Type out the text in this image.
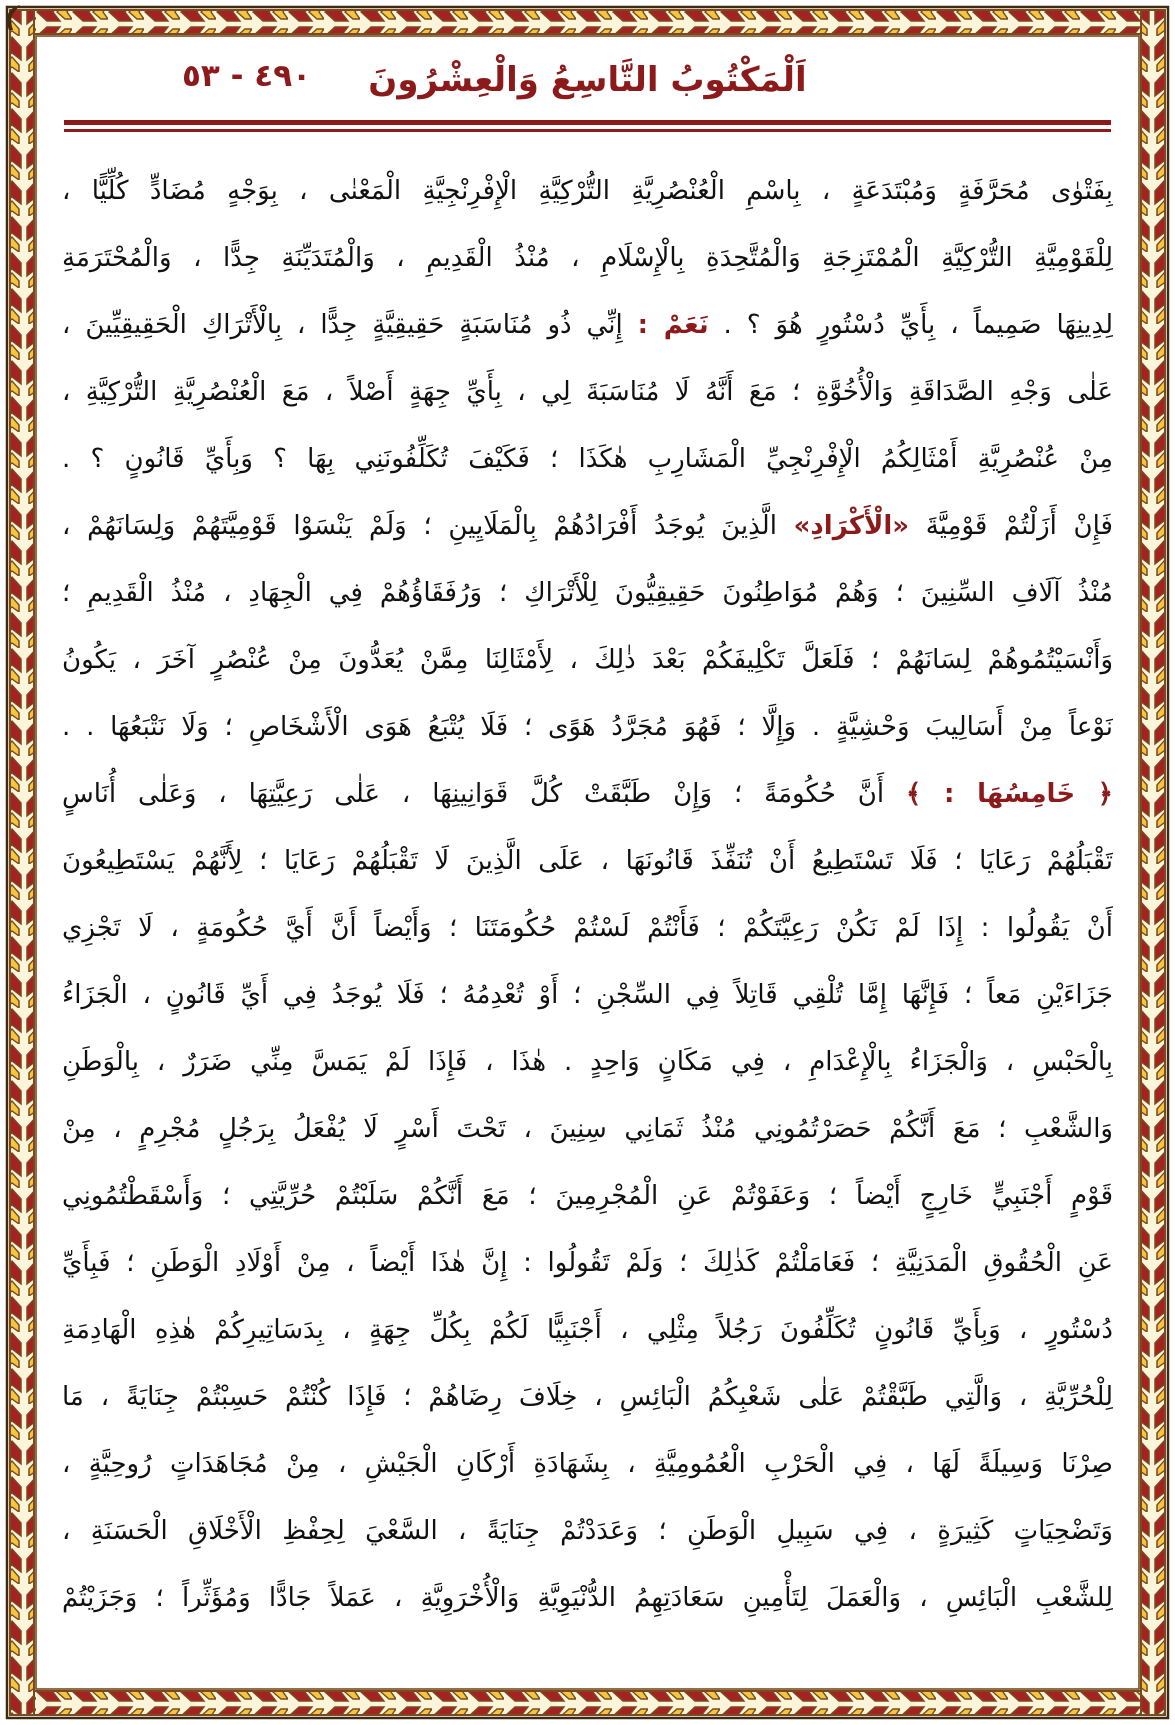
٤٩٠ - ٥٣	اَلْمَكْتُوبُ التَّاسِعُ وَالْعِشْرُونَ
بِفَتْوٰى مُحَرَّفَةٍ وَمُبْتَدَعَةٍ ، بِاسْمِ الْعُنْصُرِيَّةِ التُّرْكِيَّةِ الْإِفْرِنْجِيَّةِ الْمَعْنٰى ، بِوَجْهٍ مُضَادٍّ كُلِّيًّا ،
لِلْقَوْمِيَّةِ التُّرْكِيَّةِ الْمُمْتَزِجَةِ وَالْمُتَّحِدَةِ بِالْإِسْلَامِ ، مُنْذُ الْقَدِيمِ ، وَالْمُتَدَيِّنَةِ جِدًّا ، وَالْمُحْتَرَمَةِ
لِدِينِهَا صَمِيماً ، بِأَيِّ دُسْتُورٍ هُوَ ؟ . نَعَمْ : إِنِّي ذُو مُنَاسَبَةٍ حَقِيقِيَّةٍ جِدًّا ، بِالْأَتْرَاكِ الْحَقِيقِيِّينَ ،
عَلٰى وَجْهِ الصَّدَاقَةِ وَالْأُخُوَّةِ ؛ مَعَ أَنَّهُ لَا مُنَاسَبَةَ لِي ، بِأَيِّ جِهَةٍ أَصْلاً ، مَعَ الْعُنْصُرِيَّةِ التُّرْكِيَّةِ ،
مِنْ عُنْصُرِيَّةِ أَمْثَالِكُمُ الْإِفْرِنْجِيِّ الْمَشَارِبِ هٰكَذَا ؛ فَكَيْفَ تُكَلِّفُونَنِي بِهَا ؟ وَبِأَيِّ قَانُونٍ ؟ .
فَإِنْ أَزَلْتُمْ قَوْمِيَّةَ «الْأَكْرَادِ» الَّذِينَ يُوجَدُ أَفْرَادُهُمْ بِالْمَلَايِينِ ؛ وَلَمْ يَنْسَوْا قَوْمِيَّتَهُمْ وَلِسَانَهُمْ ،
مُنْذُ آلَافِ السِّنِينَ ؛ وَهُمْ مُوَاطِنُونَ حَقِيقِيُّونَ لِلْأَتْرَاكِ ؛ وَرُفَقَاؤُهُمْ فِي الْجِهَادِ ، مُنْذُ الْقَدِيمِ ؛
وَأَنْسَيْتُمُوهُمْ لِسَانَهُمْ ؛ فَلَعَلَّ تَكْلِيفَكُمْ بَعْدَ ذٰلِكَ ، لِأَمْثَالِنَا مِمَّنْ يُعَدُّونَ مِنْ عُنْصُرٍ آخَرَ ، يَكُونُ
نَوْعاً مِنْ أَسَالِيبَ وَحْشِيَّةٍ . وَإِلَّا ؛ فَهُوَ مُجَرَّدُ هَوًى ؛ فَلَا يُتْبَعُ هَوَى الْأَشْخَاصِ ؛ وَلَا نَتْبَعُهَا . .
﴿ خَامِسُهَا : ﴾ أَنَّ حُكُومَةً ؛ وَإِنْ طَبَّقَتْ كُلَّ قَوَانِينِهَا ، عَلٰى رَعِيَّتِهَا ، وَعَلٰى أُنَاسٍ
تَقْبَلُهُمْ رَعَايَا ؛ فَلَا تَسْتَطِيعُ أَنْ تُنَفِّذَ قَانُونَهَا ، عَلَى الَّذِينَ لَا تَقْبَلُهُمْ رَعَايَا ؛ لِأَنَّهُمْ يَسْتَطِيعُونَ
أَنْ يَقُولُوا : إِذَا لَمْ نَكُنْ رَعِيَّتَكُمْ ؛ فَأَنْتُمْ لَسْتُمْ حُكُومَتَنَا ؛ وَأَيْضاً أَنَّ أَيَّ حُكُومَةٍ ، لَا تَجْزِي
جَزَاءَيْنِ مَعاً ؛ فَإِنَّهَا إِمَّا تُلْقِي قَاتِلاً فِي السِّجْنِ ؛ أَوْ تُعْدِمُهُ ؛ فَلَا يُوجَدُ فِي أَيِّ قَانُونٍ ، الْجَزَاءُ
بِالْحَبْسِ ، وَالْجَزَاءُ بِالْإِعْدَامِ ، فِي مَكَانٍ وَاحِدٍ . هٰذَا ، فَإِذَا لَمْ يَمَسَّ مِنِّي ضَرَرٌ ، بِالْوَطَنِ
وَالشَّعْبِ ؛ مَعَ أَنَّكُمْ حَصَرْتُمُونِي مُنْذُ ثَمَانِي سِنِينَ ، تَحْتَ أَسْرٍ لَا يُفْعَلُ بِرَجُلٍ مُجْرِمٍ ، مِنْ
قَوْمٍ أَجْنَبِيٍّ خَارِجٍ أَيْضاً ؛ وَعَفَوْتُمْ عَنِ الْمُجْرِمِينَ ؛ مَعَ أَنَّكُمْ سَلَبْتُمْ حُرِّيَّتِي ؛ وَأَسْقَطْتُمُونِي
عَنِ الْحُقُوقِ الْمَدَنِيَّةِ ؛ فَعَامَلْتُمْ كَذٰلِكَ ؛ وَلَمْ تَقُولُوا : إِنَّ هٰذَا أَيْضاً ، مِنْ أَوْلَادِ الْوَطَنِ ؛ فَبِأَيِّ
دُسْتُورٍ ، وَبِأَيِّ قَانُونٍ تُكَلِّفُونَ رَجُلاً مِثْلِي ، أَجْنَبِيًّا لَكُمْ بِكُلِّ جِهَةٍ ، بِدَسَاتِيرِكُمْ هٰذِهِ الْهَادِمَةِ
لِلْحُرِّيَّةِ ، وَالَّتِي طَبَّقْتُمْ عَلٰى شَعْبِكُمُ الْبَائِسِ ، خِلَافَ رِضَاهُمْ ؛ فَإِذَا كُنْتُمْ حَسِبْتُمْ جِنَايَةً ، مَا
صِرْنَا وَسِيلَةً لَهَا ، فِي الْحَرْبِ الْعُمُومِيَّةِ ، بِشَهَادَةِ أَرْكَانِ الْجَيْشِ ، مِنْ مُجَاهَدَاتٍ رُوحِيَّةٍ ،
وَتَضْحِيَاتٍ كَثِيرَةٍ ، فِي سَبِيلِ الْوَطَنِ ؛ وَعَدَدْتُمْ جِنَايَةً ، السَّعْيَ لِحِفْظِ الْأَخْلَاقِ الْحَسَنَةِ ،
لِلشَّعْبِ الْبَائِسِ ، وَالْعَمَلَ لِتَأْمِينِ سَعَادَتِهِمُ الدُّنْيَوِيَّةِ وَالْأُخْرَوِيَّةِ ، عَمَلاً جَادًّا وَمُؤَثِّراً ؛ وَجَزَيْتُمْ
